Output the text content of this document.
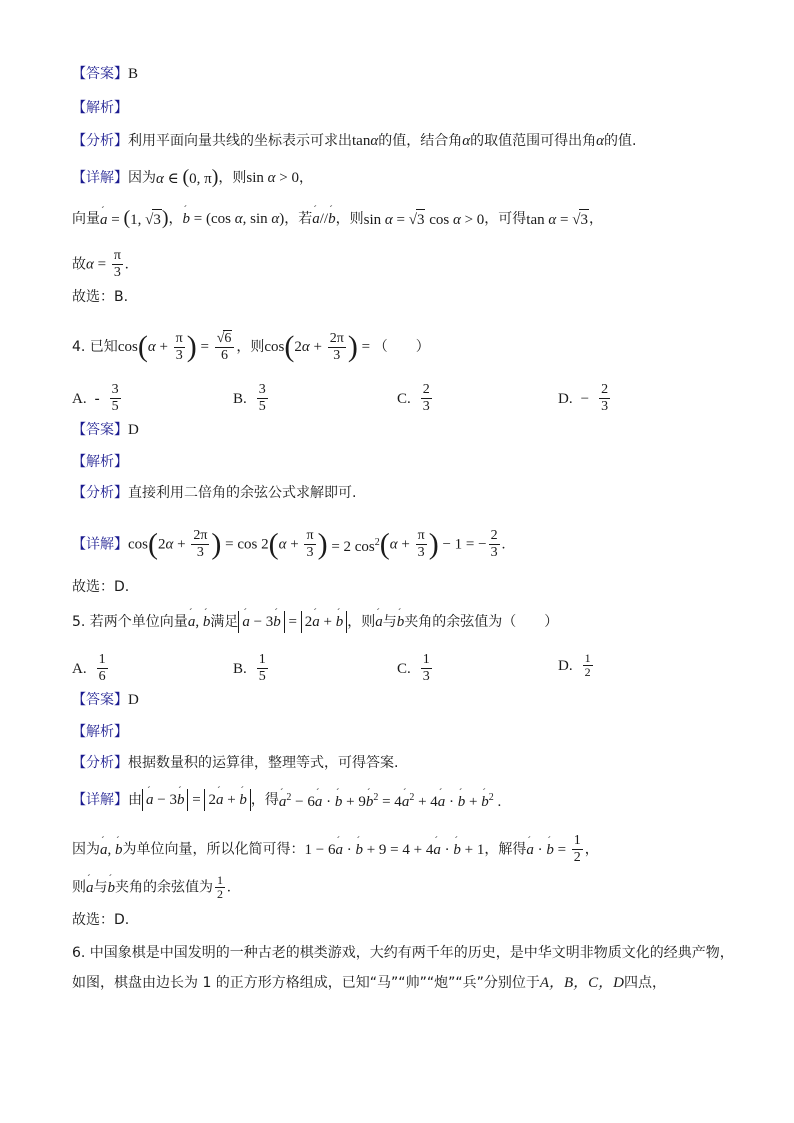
【答案】B
【解析】
【分析】利用平面向量共线的坐标表示可求出tanα的值，结合角α的取值范围可得出角α的值.
【详解】因为α ∈ (0, π)，则sin α > 0，
向量ˊ a = (1, √3)，ˊ b = (cos α, sin α)，若ˊ a//ˊ b，则sin α = √3 cos α > 0，可得tan α = √3，
故$\alpha = \frac{\pi}{3}$ .
故选：B.
4. 已知$\cos(\alpha + \frac{\pi}{3}$ ) = $\frac{√6}{6}$ ，则$\cos(2\alpha + \frac{2\pi}{3}$ ) = （　　）
A. - $\frac{3}{5}$	B. $\frac{3}{5}$	C. $\frac{2}{3}$	D. − $\frac{2}{3}$
【答案】D
【解析】
【分析】直接利用二倍角的余弦公式求解即可.
【详解】$\cos(2\alpha + \frac{2\pi}{3}$ ) = $\cos 2(\alpha + \frac{\pi}{3}$ ) = 2 $\cos^2(\alpha + \frac{\pi}{3}$ ) − 1 = − $\frac{2}{3}$ .
故选：D.
5. 若两个单位向量ˊ a, ˊ b满足 ˊ a − 3ˊ b = 2ˊ a + ˊ b ，则ˊ a与ˊ b夹角的余弦值为（　　）
A. $\frac{1}{6}$	B. $\frac{1}{5}$	C. $\frac{1}{3}$	D. $\frac{1}{2}$
【答案】D
【解析】
【分析】根据数量积的运算律，整理等式，可得答案.
【详解】由 ˊ a − 3ˊ b = 2ˊ a + ˊ b ，得ˊ $a^2$ − 6ˊ a · ˊ b + 9ˊ $b^2$ = 4ˊ $a^2$ + 4ˊ a · ˊ b + ˊ $b^2$ .
因为ˊ a, ˊ b为单位向量，所以化简可得：1 − 6ˊ a · ˊ b + 9 = 4 + 4ˊ a · ˊ b + 1，解得ˊ a · ˊ $b = \frac{1}{2}$ ，
则ˊ a与ˊ b夹角的余弦值为 $\frac{1}{2}$ .
故选：D.
6. 中国象棋是中国发明的一种古老的棋类游戏，大约有两千年的历史，是中华文明非物质文化的经典产物，
如图，棋盘由边长为 1 的正方形方格组成，已知“马”“帅”“炮”“兵”分别位于A，B，C，D四点，
